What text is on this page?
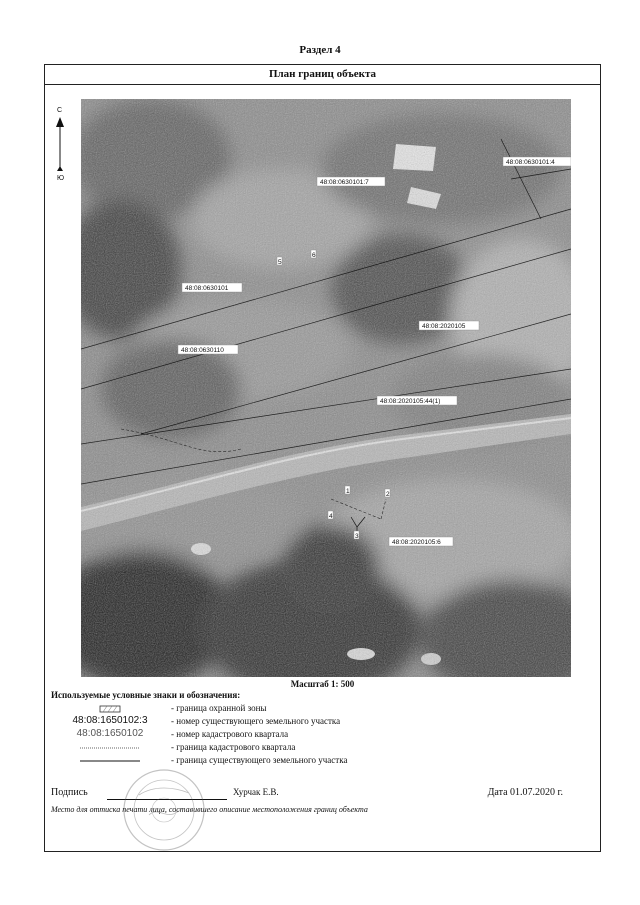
Раздел 4
План границ объекта
С
Ю
48:08:0630101:4
48:08:0630101:7
48:08:0630101
48:08:2020105
48:08:0630110
48:08:2020105:44(1)
48:08:2020105:6
5
6
1	2
3
4
Масштаб 1: 500
Используемые условные знаки и обозначения:
- граница охранной зоны
48:08:1650102:3	- номер существующего земельного участка
48:08:1650102	- номер кадастрового квартала
- граница кадастрового квартала
- граница существующего земельного участка
Подпись	Хурчак Е.В.	Дата 01.07.2020 г.
Место для оттиска печати лица, составившего описание местоположения границ объекта
